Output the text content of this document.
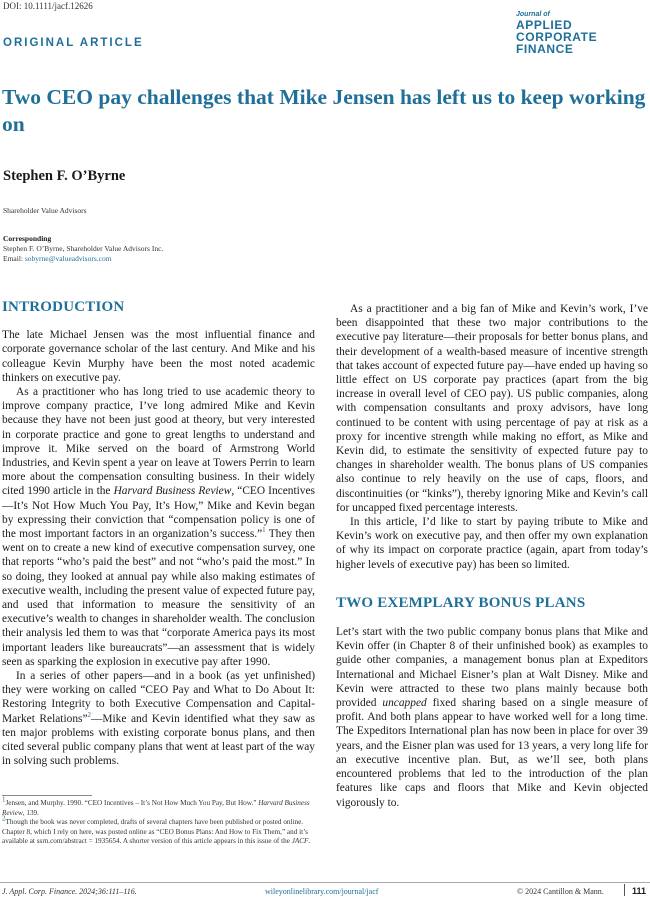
DOI: 10.1111/jacf.12626
ORIGINAL ARTICLE
Journal of
APPLIED
CORPORATE FINANCE
Two CEO pay challenges that Mike Jensen has left us to keep working on
Stephen F. O’Byrne
Shareholder Value Advisors
Corresponding
Stephen F. O’Byrne, Shareholder Value Advisors Inc.
Email: sobyrne@valueadvisors.com
INTRODUCTION

The late Michael Jensen was the most influential finance and corporate governance scholar of the last century. And Mike and his colleague Kevin Murphy have been the most noted academic thinkers on executive pay.

As a practitioner who has long tried to use academic theory to improve company practice, I’ve long admired Mike and Kevin because they have not been just good at theory, but very interested in corporate practice and gone to great lengths to understand and improve it. Mike served on the board of Armstrong World Industries, and Kevin spent a year on leave at Towers Perrin to learn more about the compensation consulting business. In their widely cited 1990 article in the Harvard Business Review, “CEO Incentives—It’s Not How Much You Pay, It’s How,” Mike and Kevin began by expressing their conviction that “compensation policy is one of the most important factors in an organization’s success.”$^1$ They then went on to create a new kind of executive compensation survey, one that reports “who’s paid the best” and not “who’s paid the most.” In so doing, they looked at annual pay while also making estimates of executive wealth, including the present value of expected future pay, and used that information to measure the sensitivity of an executive’s wealth to changes in shareholder wealth. The conclusion their analysis led them to was that “corporate America pays its most important leaders like bureaucrats”—an assessment that is widely seen as sparking the explosion in executive pay after 1990.

In a series of other papers—and in a book (as yet unfinished) they were working on called “CEO Pay and What to Do About It: Restoring Integrity to both Executive Compensation and Capital-Market Relations”$^2$—Mike and Kevin identified what they saw as ten major problems with existing corporate bonus plans, and then cited several public company plans that went at least part of the way in solving such problems.

As a practitioner and a big fan of Mike and Kevin’s work, I’ve been disappointed that these two major contributions to the executive pay literature—their proposals for better bonus plans, and their development of a wealth-based measure of incentive strength that takes account of expected future pay—have ended up having so little effect on US corporate pay practices (apart from the big increase in overall level of CEO pay). US public companies, along with compensation consultants and proxy advisors, have long continued to be content with using percentage of pay at risk as a proxy for incentive strength while making no effort, as Mike and Kevin did, to estimate the sensitivity of expected future pay to changes in shareholder wealth. The bonus plans of US companies also continue to rely heavily on the use of caps, floors, and discontinuities (or “kinks”), thereby ignoring Mike and Kevin’s call for uncapped fixed percentage interests.

In this article, I’d like to start by paying tribute to Mike and Kevin’s work on executive pay, and then offer my own explanation of why its impact on corporate practice (again, apart from today’s higher levels of executive pay) has been so limited.

TWO EXEMPLARY BONUS PLANS

Let’s start with the two public company bonus plans that Mike and Kevin offer (in Chapter 8 of their unfinished book) as examples to guide other companies, a management bonus plan at Expeditors International and Michael Eisner’s plan at Walt Disney. Mike and Kevin were attracted to these two plans mainly because both provided uncapped fixed sharing based on a single measure of profit. And both plans appear to have worked well for a long time. The Expeditors International plan has now been in place for over 39 years, and the Eisner plan was used for 13 years, a very long life for an executive incentive plan. But, as we’ll see, both plans encountered problems that led to the introduction of the plan features like caps and floors that Mike and Kevin objected vigorously to.

$^1$Jensen, and Murphy. 1990. “CEO Incentives – It’s Not How Much You Pay, But How.” Harvard Business Review, 139.

$^2$Though the book was never completed, drafts of several chapters have been published or posted online. Chapter 8, which I rely on here, was posted online as “CEO Bonus Plans: And How to Fix Them,” and it’s available at ssrn.com/abstract = 1935654. A shorter version of this article appears in this issue of the JACF.

J. Appl. Corp. Finance. 2024;36:111–116.	wileyonlinelibrary.com/journal/jacf	© 2024 Cantillon & Mann.	111
